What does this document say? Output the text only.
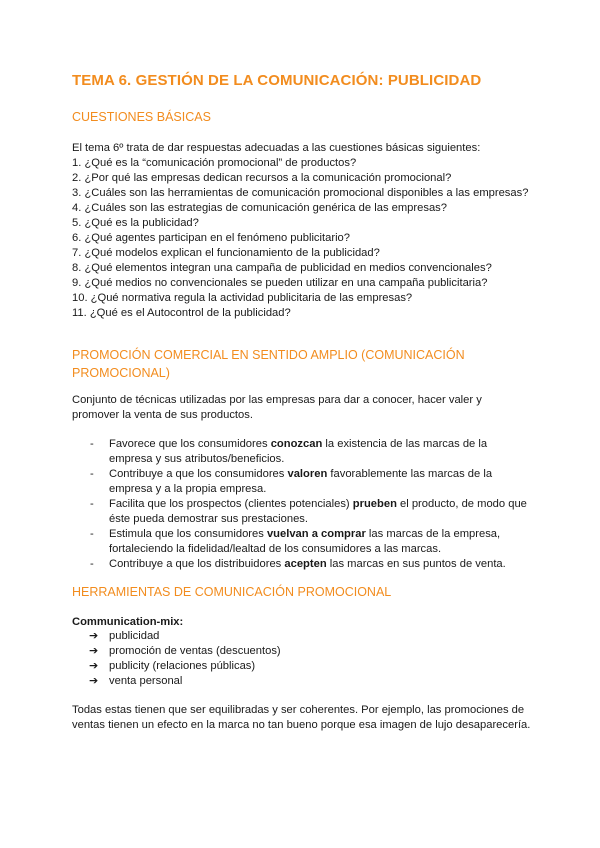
TEMA 6. GESTIÓN DE LA COMUNICACIÓN: PUBLICIDAD
CUESTIONES BÁSICAS
El tema 6º trata de dar respuestas adecuadas a las cuestiones básicas siguientes:
1. ¿Qué es la “comunicación promocional” de productos?
2. ¿Por qué las empresas dedican recursos a la comunicación promocional?
3. ¿Cuáles son las herramientas de comunicación promocional disponibles a las empresas?
4. ¿Cuáles son las estrategias de comunicación genérica de las empresas?
5. ¿Qué es la publicidad?
6. ¿Qué agentes participan en el fenómeno publicitario?
7. ¿Qué modelos explican el funcionamiento de la publicidad?
8. ¿Qué elementos integran una campaña de publicidad en medios convencionales?
9. ¿Qué medios no convencionales se pueden utilizar en una campaña publicitaria?
10. ¿Qué normativa regula la actividad publicitaria de las empresas?
11. ¿Qué es el Autocontrol de la publicidad?
PROMOCIÓN COMERCIAL EN SENTIDO AMPLIO (COMUNICACIÓN
PROMOCIONAL)
Conjunto de técnicas utilizadas por las empresas para dar a conocer, hacer valer y
promover la venta de sus productos.
- Favorece que los consumidores conozcan la existencia de las marcas de la
empresa y sus atributos/beneficios.
- Contribuye a que los consumidores valoren favorablemente las marcas de la
empresa y a la propia empresa.
- Facilita que los prospectos (clientes potenciales) prueben el producto, de modo que
éste pueda demostrar sus prestaciones.
- Estimula que los consumidores vuelvan a comprar las marcas de la empresa,
fortaleciendo la fidelidad/lealtad de los consumidores a las marcas.
- Contribuye a que los distribuidores acepten las marcas en sus puntos de venta.
HERRAMIENTAS DE COMUNICACIÓN PROMOCIONAL
Communication-mix:
➔ publicidad
➔ promoción de ventas (descuentos)
➔ publicity (relaciones públicas)
➔ venta personal
Todas estas tienen que ser equilibradas y ser coherentes. Por ejemplo, las promociones de
ventas tienen un efecto en la marca no tan bueno porque esa imagen de lujo desaparecería.
